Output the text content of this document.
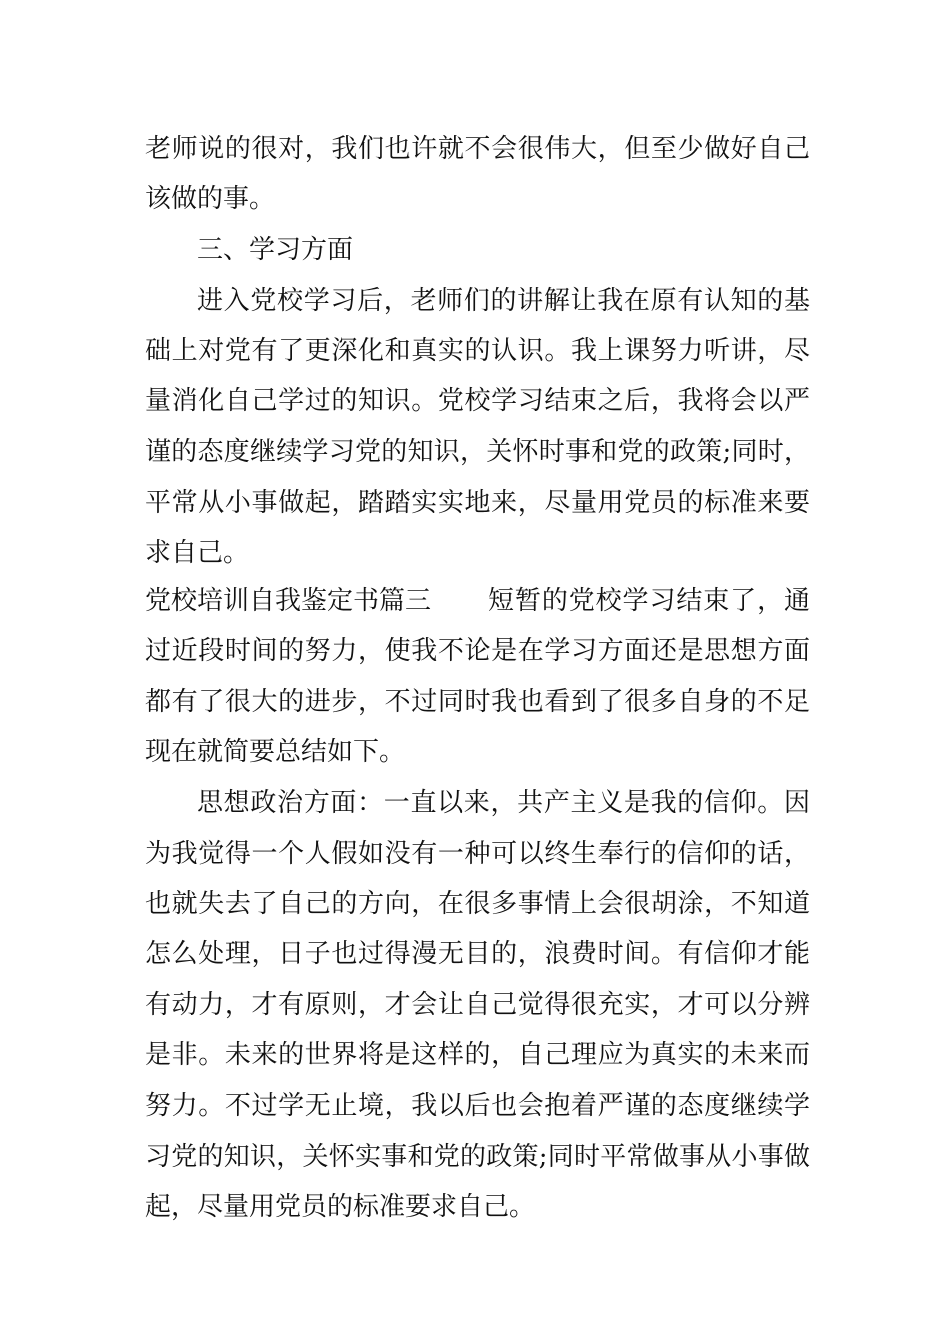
老师说的很对，我们也许就不会很伟大，但至少做好自己
该做的事。
三、学习方面
进入党校学习后，老师们的讲解让我在原有认知的基
础上对党有了更深化和真实的认识。我上课努力听讲，尽
量消化自己学过的知识。党校学习结束之后，我将会以严
谨的态度继续学习党的知识，关怀时事和党的政策;同时，
平常从小事做起，踏踏实实地来，尽量用党员的标准来要
求自己。
党校培训自我鉴定书篇三	短暂的党校学习结束了，通
过近段时间的努力，使我不论是在学习方面还是思想方面
都有了很大的进步，不过同时我也看到了很多自身的不足
现在就简要总结如下。
思想政治方面：一直以来，共产主义是我的信仰。因
为我觉得一个人假如没有一种可以终生奉行的信仰的话，
也就失去了自己的方向，在很多事情上会很胡涂，不知道
怎么处理，日子也过得漫无目的，浪费时间。有信仰才能
有动力，才有原则，才会让自己觉得很充实，才可以分辨
是非。未来的世界将是这样的，自己理应为真实的未来而
努力。不过学无止境，我以后也会抱着严谨的态度继续学
习党的知识，关怀实事和党的政策;同时平常做事从小事做
起，尽量用党员的标准要求自己。
